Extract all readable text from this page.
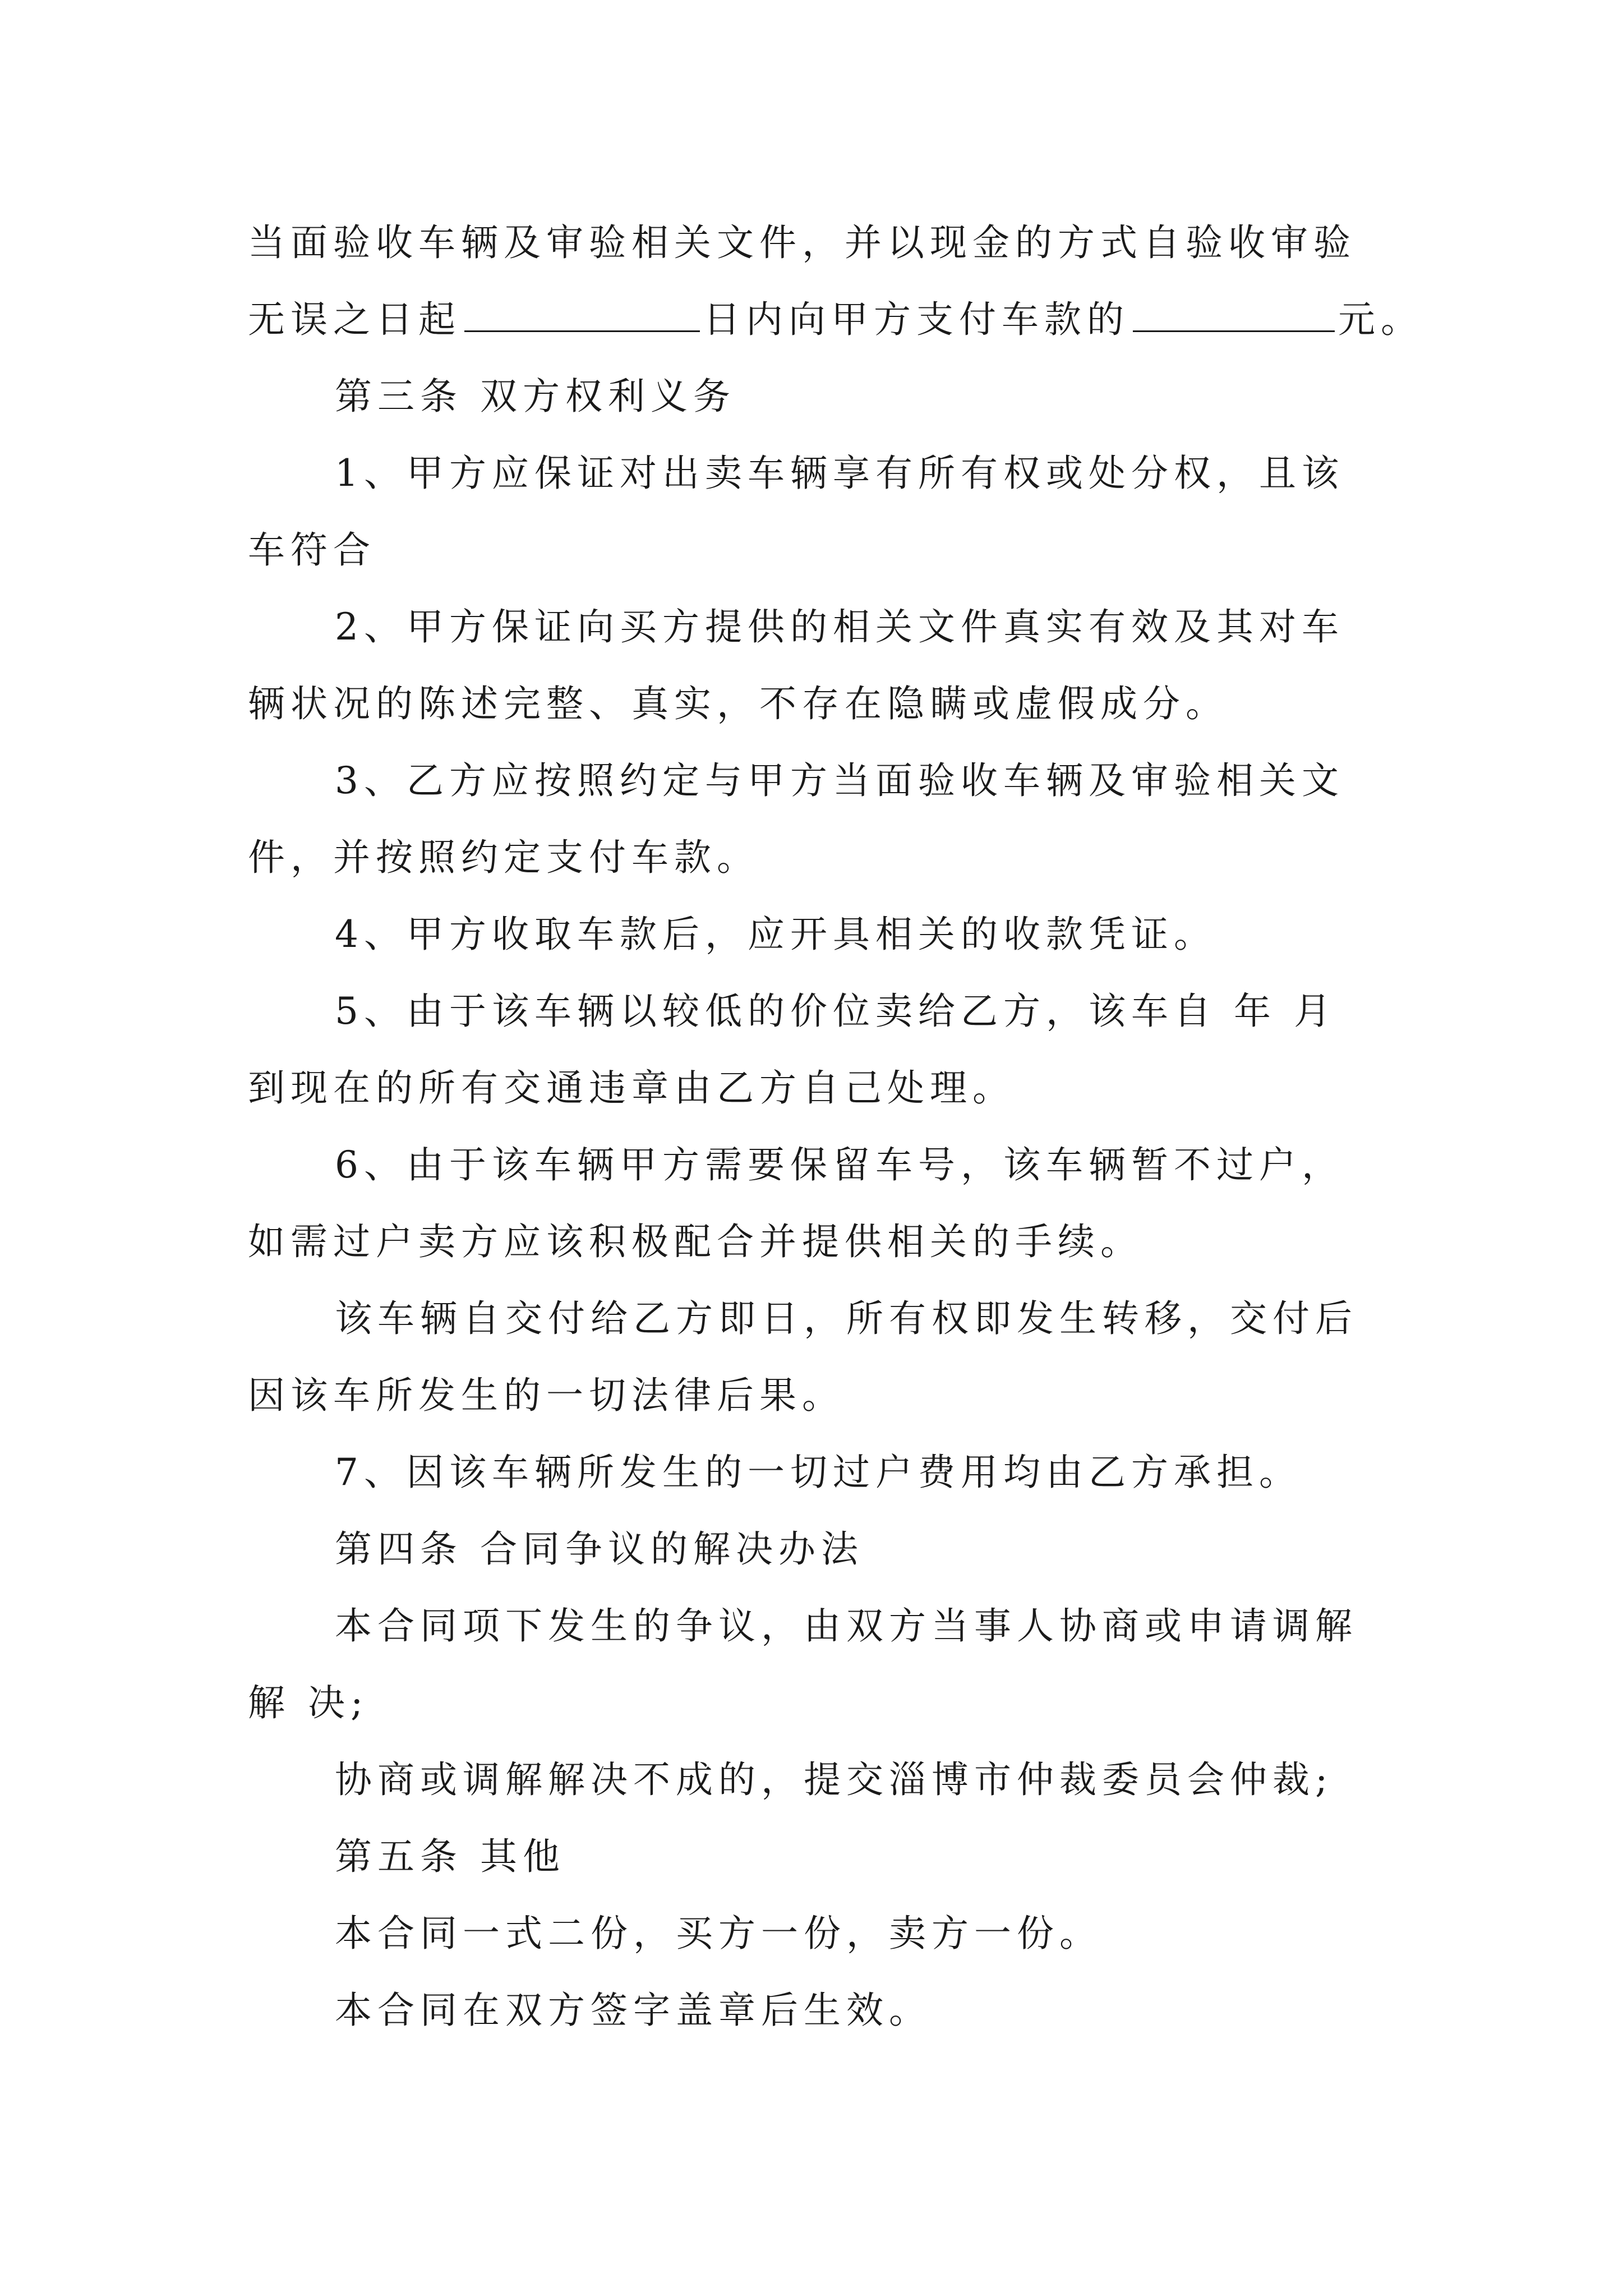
当面验收车辆及审验相关文件，并以现金的方式自验收审验
无误之日起	日内向甲方支付车款的	元。
第三条 双方权利义务
1、甲方应保证对出卖车辆享有所有权或处分权，且该
车符合
2、甲方保证向买方提供的相关文件真实有效及其对车
辆状况的陈述完整、真实，不存在隐瞒或虚假成分。
3、乙方应按照约定与甲方当面验收车辆及审验相关文
件，并按照约定支付车款。
4、甲方收取车款后，应开具相关的收款凭证。
5、由于该车辆以较低的价位卖给乙方，该车自 年 月
到现在的所有交通违章由乙方自己处理。
6、由于该车辆甲方需要保留车号，该车辆暂不过户，
如需过户卖方应该积极配合并提供相关的手续。
该车辆自交付给乙方即日，所有权即发生转移，交付后
因该车所发生的一切法律后果。
7、因该车辆所发生的一切过户费用均由乙方承担。
第四条 合同争议的解决办法
本合同项下发生的争议，由双方当事人协商或申请调解
解 决;
协商或调解解决不成的，提交淄博市仲裁委员会仲裁;
第五条 其他
本合同一式二份，买方一份，卖方一份。
本合同在双方签字盖章后生效。
